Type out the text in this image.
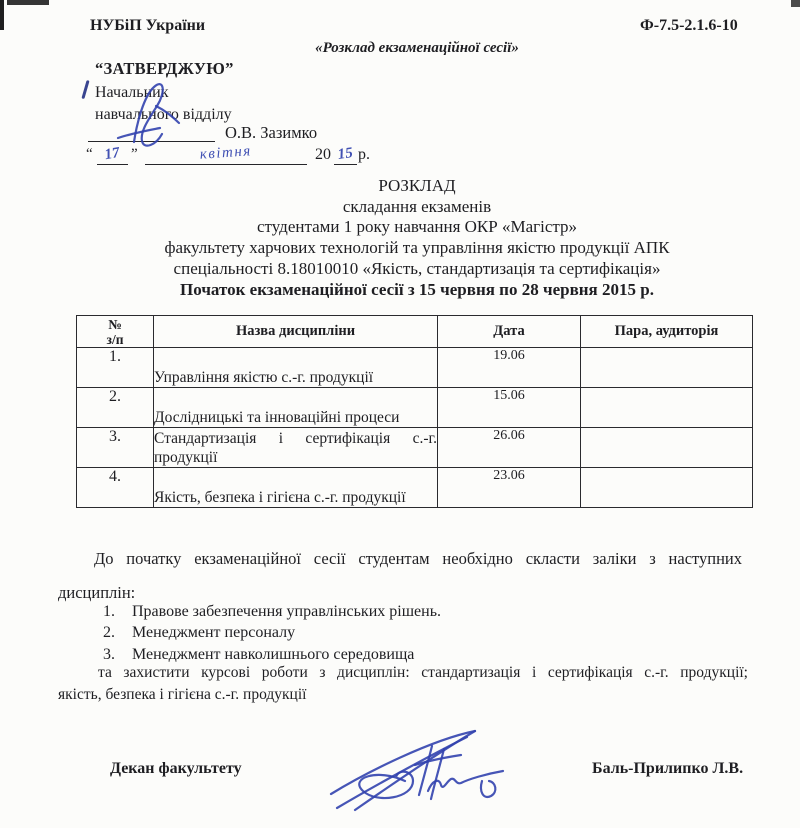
НУБіП України	Ф-7.5-2.1.6-10
«Розклад екзаменаційної сесії»
“ЗАТВЕРДЖУЮ”
Начальник
навчального відділу
О.В. Зазимко
“ 17 ”	квітня	20 15 р.
РОЗКЛАД
складання екзаменів
студентами 1 року навчання ОКР «Магістр»
факультету харчових технологій та управління якістю продукції АПК
спеціальності 8.18010010 «Якість, стандартизація та сертифікація»
Початок екзаменаційної сесії з 15 червня по 28 червня 2015 р.
№
з/п	Назва дисципліни	Дата	Пара, аудиторія
1.	Управління якістю с.-г. продукції	19.06	
2.	Дослідницькі та інноваційні процеси	15.06	
3.	Стандартизація і сертифікація с.-г. продукції	26.06	
4.	Якість, безпека і гігієна с.-г. продукції	23.06	
До початку екзаменаційної сесії студентам необхідно скласти заліки з наступних
дисциплін:
1.	Правове забезпечення управлінських рішень.
2.	Менеджмент персоналу
3.	Менеджмент навколишнього середовища
та захистити курсові роботи з дисциплін: стандартизація і сертифікація с.-г. продукції;
якість, безпека і гігієна с.-г. продукції
Декан факультету	Баль-Прилипко Л.В.
